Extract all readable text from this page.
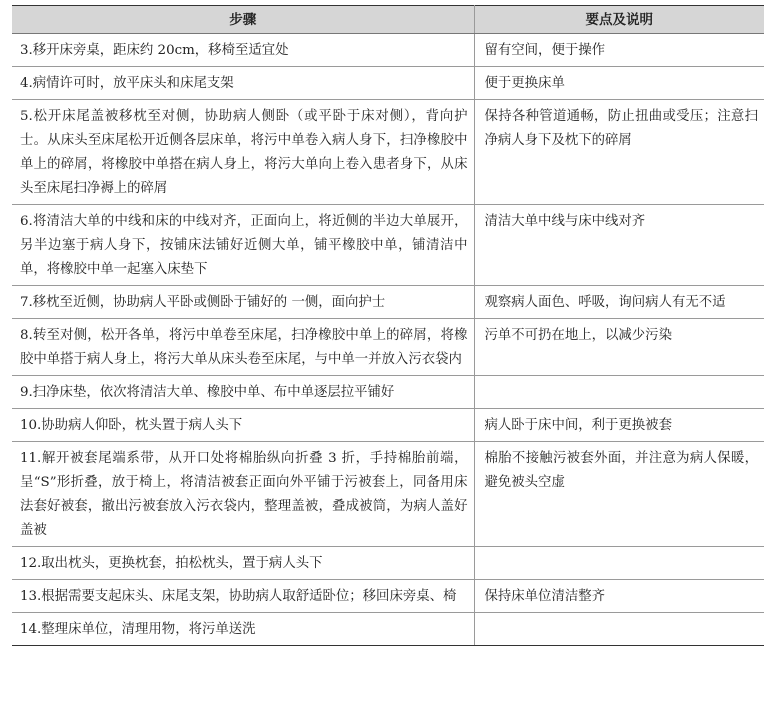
步骤	要点及说明
3.移开床旁桌，距床约 20cm，移椅至适宜处	留有空间，便于操作
4.病情许可时，放平床头和床尾支架	便于更换床单
5.松开床尾盖被移枕至对侧，协助病人侧卧（或平卧于床对侧），背向护士。从床头至床尾松开近侧各层床单，将污中单卷入病人身下，扫净橡胶中单上的碎屑，将橡胶中单搭在病人身上，将污大单向上卷入患者身下，从床头至床尾扫净褥上的碎屑	保持各种管道通畅，防止扭曲或受压；注意扫净病人身下及枕下的碎屑
6.将清洁大单的中线和床的中线对齐，正面向上，将近侧的半边大单展开，另半边塞于病人身下，按铺床法铺好近侧大单，铺平橡胶中单，铺清洁中单，将橡胶中单一起塞入床垫下	清洁大单中线与床中线对齐
7.移枕至近侧，协助病人平卧或侧卧于铺好的 一侧，面向护士	观察病人面色、呼吸，询问病人有无不适
8.转至对侧，松开各单，将污中单卷至床尾，扫净橡胶中单上的碎屑，将橡胶中单搭于病人身上，将污大单从床头卷至床尾，与中单一并放入污衣袋内	污单不可扔在地上，以减少污染
9.扫净床垫，依次将清洁大单、橡胶中单、布中单逐层拉平铺好	
10.协助病人仰卧，枕头置于病人头下	病人卧于床中间，利于更换被套
11.解开被套尾端系带，从开口处将棉胎纵向折叠 3 折，手持棉胎前端，呈“S”形折叠，放于椅上，将清洁被套正面向外平铺于污被套上，同备用床法套好被套，撤出污被套放入污衣袋内，整理盖被，叠成被筒，为病人盖好盖被	棉胎不接触污被套外面，并注意为病人保暖，避免被头空虚
12.取出枕头，更换枕套，拍松枕头，置于病人头下	
13.根据需要支起床头、床尾支架，协助病人取舒适卧位；移回床旁桌、椅	保持床单位清洁整齐
14.整理床单位，清理用物，将污单送洗	
